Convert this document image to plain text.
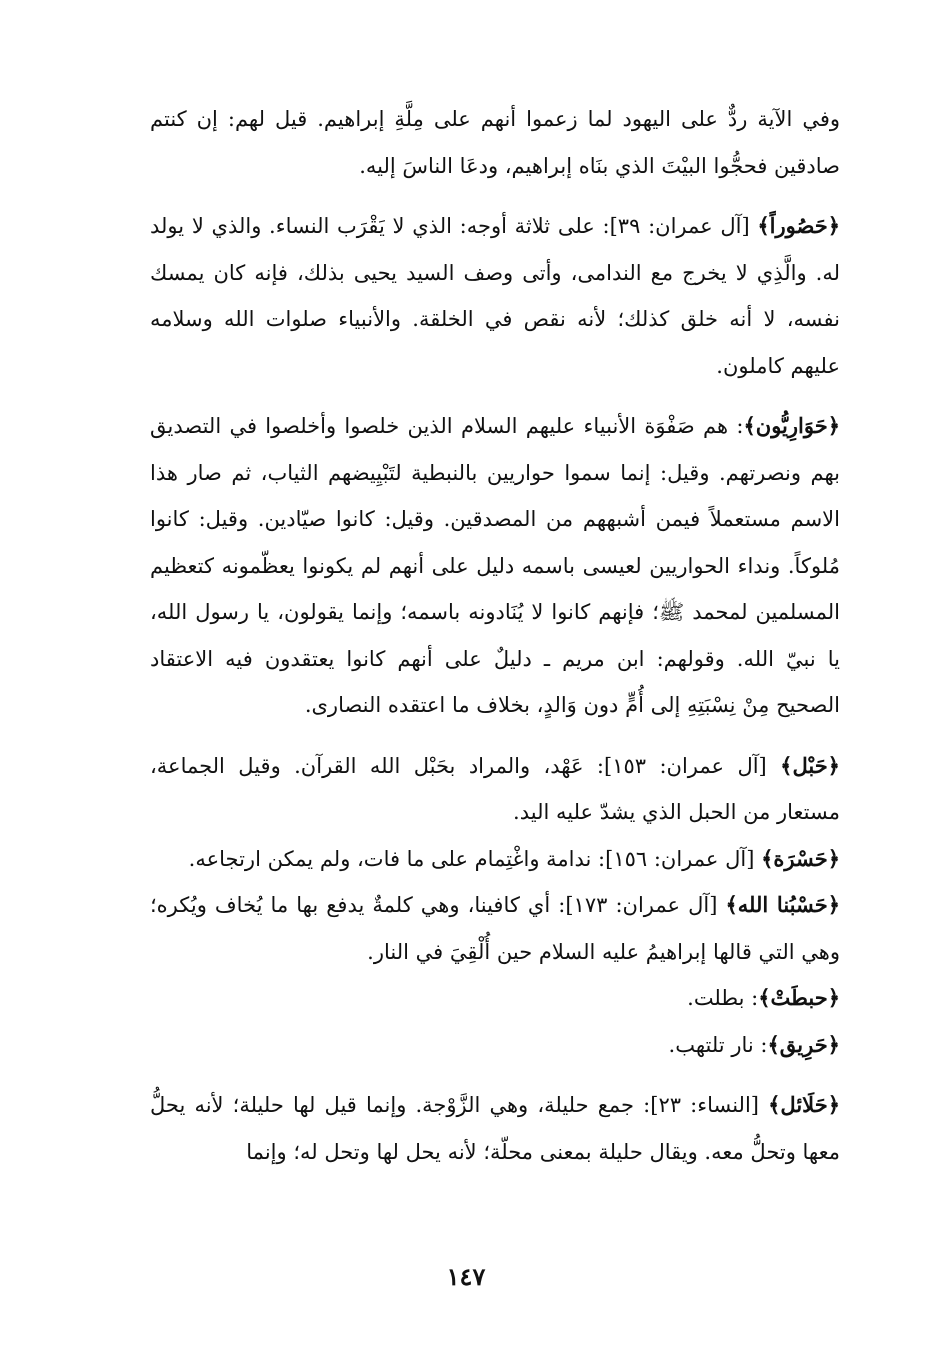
وفي الآية ردٌّ على اليهود لما زعموا أنهم على مِلَّةِ إبراهيم. قيل لهم: إن كنتم صادقين فحجُّوا البيْتَ الذي بنَاه إبراهيم، ودعَا الناسَ إليه.

﴿حَصُوراً﴾ [آل عمران: ٣٩]: على ثلاثة أوجه: الذي لا يَقْرَب النساء. والذي لا يولد له. والَّذِي لا يخرج مع الندامى، وأتى وصف السيد يحيى بذلك، فإنه كان يمسك نفسه، لا أنه خلق كذلك؛ لأنه نقص في الخلقة. والأنبياء صلوات الله وسلامه عليهم كاملون.

﴿حَوَارِيُّون﴾: هم صَفْوَة الأنبياء عليهم السلام الذين خلصوا وأخلصوا في التصديق بهم ونصرتهم. وقيل: إنما سموا حواريين بالنبطية لتَبْيِيضهم الثياب، ثم صار هذا الاسم مستعملاً فيمن أشبههم من المصدقين. وقيل: كانوا صيّادين. وقيل: كانوا مُلوكاً. ونداء الحواريين لعيسى باسمه دليل على أنهم لم يكونوا يعظّمونه كتعظيم المسلمين لمحمد ﷺ؛ فإنهم كانوا لا يُنَادونه باسمه؛ وإنما يقولون، يا رسول الله، يا نبيّ الله. وقولهم: ابن مريم ـ دليلٌ على أنهم كانوا يعتقدون فيه الاعتقاد الصحيح مِنْ نِسْبَتِهِ إلى أُمٍّ دون وَالدٍ، بخلاف ما اعتقده النصارى.

﴿حَبْل﴾ [آل عمران: ١٥٣]: عَهْد، والمراد بحَبْل الله القرآن. وقيل الجماعة، مستعار من الحبل الذي يشدّ عليه اليد.

﴿حَسْرَة﴾ [آل عمران: ١٥٦]: ندامة واغْتِمام على ما فات، ولم يمكن ارتجاعه.

﴿حَسْبُنا الله﴾ [آل عمران: ١٧٣]: أي كافينا، وهي كلمةٌ يدفع بها ما يُخاف ويُكره؛ وهي التي قالها إبراهيمُ عليه السلام حين أُلْقِيَ في النار.

﴿حبطَتْ﴾: بطلت.

﴿حَرِيق﴾: نار تلتهب.

﴿حَلَائل﴾ [النساء: ٢٣]: جمع حليلة، وهي الزَّوْجة. وإنما قيل لها حليلة؛ لأنه يحلُّ معها وتحلُّ معه. ويقال حليلة بمعنى محلّة؛ لأنه يحل لها وتحل له؛ وإنما

١٤٧
